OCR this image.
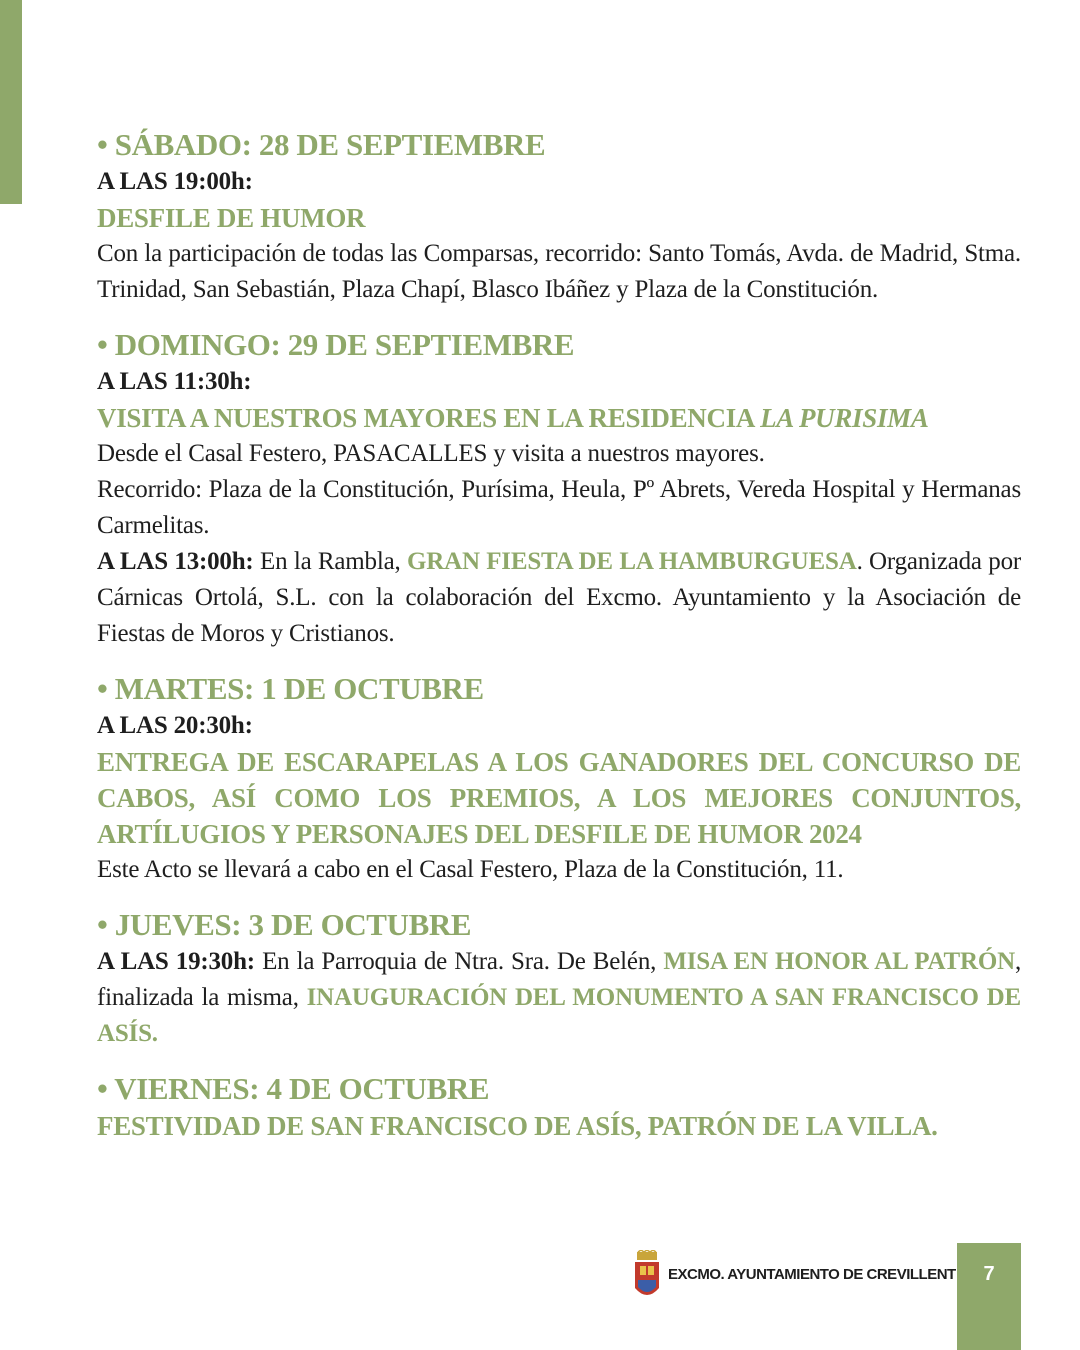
• SÁBADO: 28 DE SEPTIEMBRE

A LAS 19:00h:

DESFILE DE HUMOR

Con la participación de todas las Comparsas, recorrido: Santo Tomás, Avda. de Madrid, Stma. Trinidad, San Sebastián, Plaza Chapí, Blasco Ibáñez y Plaza de la Constitución.

• DOMINGO: 29 DE SEPTIEMBRE

A LAS 11:30h:

VISITA A NUESTROS MAYORES EN LA RESIDENCIA LA PURISIMA

Desde el Casal Festero, PASACALLES y visita a nuestros mayores.

Recorrido: Plaza de la Constitución, Purísima, Heula, Pº Abrets, Vereda Hospital y Hermanas Carmelitas.

A LAS 13:00h: En la Rambla, GRAN FIESTA DE LA HAMBURGUESA. Organizada por Cárnicas Ortolá, S.L. con la colaboración del Excmo. Ayuntamiento y la Asociación de Fiestas de Moros y Cristianos.

• MARTES: 1 DE OCTUBRE

A LAS 20:30h:

ENTREGA DE ESCARAPELAS A LOS GANADORES DEL CONCURSO DE CABOS, ASÍ COMO LOS PREMIOS, A LOS MEJORES CONJUNTOS, ARTÍLUGIOS Y PERSONAJES DEL DESFILE DE HUMOR 2024

Este Acto se llevará a cabo en el Casal Festero, Plaza de la Constitución, 11.

• JUEVES: 3 DE OCTUBRE

A LAS 19:30h: En la Parroquia de Ntra. Sra. De Belén, MISA EN HONOR AL PATRÓN, finalizada la misma, INAUGURACIÓN DEL MONUMENTO A SAN FRANCISCO DE ASÍS.

• VIERNES: 4 DE OCTUBRE

FESTIVIDAD DE SAN FRANCISCO DE ASÍS, PATRÓN DE LA VILLA.

EXCMO. AYUNTAMIENTO DE CREVILLENT	7
